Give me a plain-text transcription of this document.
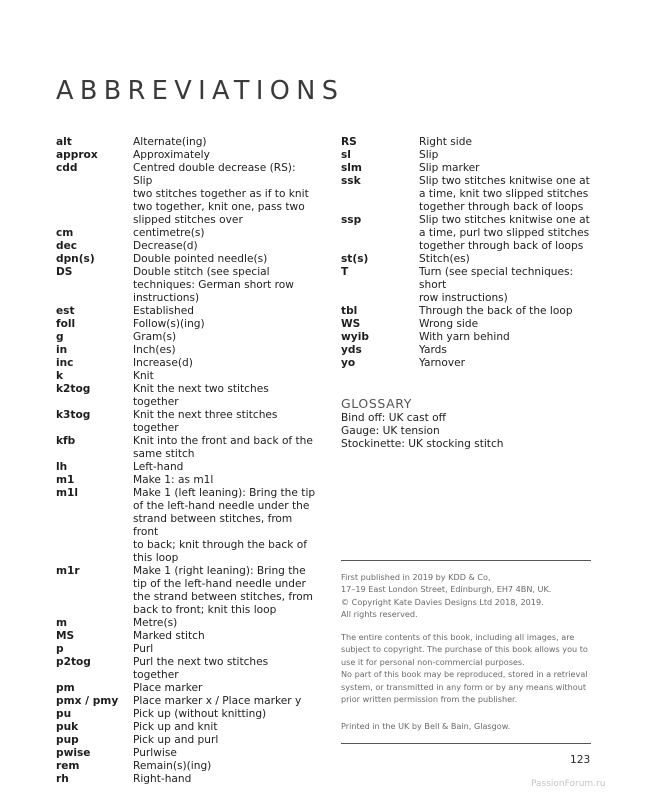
ABBREVIATIONS
alt	Alternate(ing)
approx	Approximately
cdd	Centred double decrease (RS): Slip
two stitches together as if to knit
two together, knit one, pass two
slipped stitches over
cm	centimetre(s)
dec	Decrease(d)
dpn(s)	Double pointed needle(s)
DS	Double stitch (see special
techniques: German short row
instructions)
est	Established
foll	Follow(s)(ing)
g	Gram(s)
in	Inch(es)
inc	Increase(d)
k	Knit
k2tog	Knit the next two stitches together
k3tog	Knit the next three stitches
together
kfb	Knit into the front and back of the
same stitch
lh	Left-hand
m1	Make 1: as m1l
m1l	Make 1 (left leaning): Bring the tip
of the left-hand needle under the
strand between stitches, from front
to back; knit through the back of
this loop
m1r	Make 1 (right leaning): Bring the
tip of the left-hand needle under
the strand between stitches, from
back to front; knit this loop
m	Metre(s)
MS	Marked stitch
p	Purl
p2tog	Purl the next two stitches together
pm	Place marker
pmx / pmy	Place marker x / Place marker y
pu	Pick up (without knitting)
puk	Pick up and knit
pup	Pick up and purl
pwise	Purlwise
rem	Remain(s)(ing)
rh	Right-hand
RS	Right side
sl	Slip
slm	Slip marker
ssk	Slip two stitches knitwise one at
a time, knit two slipped stitches
together through back of loops
ssp	Slip two stitches knitwise one at
a time, purl two slipped stitches
together through back of loops
st(s)	Stitch(es)
T	Turn (see special techniques: short
row instructions)
tbl	Through the back of the loop
WS	Wrong side
wyib	With yarn behind
yds	Yards
yo	Yarnover
GLOSSARY
Bind off: UK cast off
Gauge: UK tension
Stockinette: UK stocking stitch
First published in 2019 by KDD & Co,
17–19 East London Street, Edinburgh, EH7 4BN, UK.
© Copyright Kate Davies Designs Ltd 2018, 2019.
All rights reserved.
The entire contents of this book, including all images, are
subject to copyright. The purchase of this book allows you to
use it for personal non-commercial purposes.
No part of this book may be reproduced, stored in a retrieval
system, or transmitted in any form or by any means without
prior written permission from the publisher.
Printed in the UK by Bell & Bain, Glasgow.
123
PassionForum.ru
